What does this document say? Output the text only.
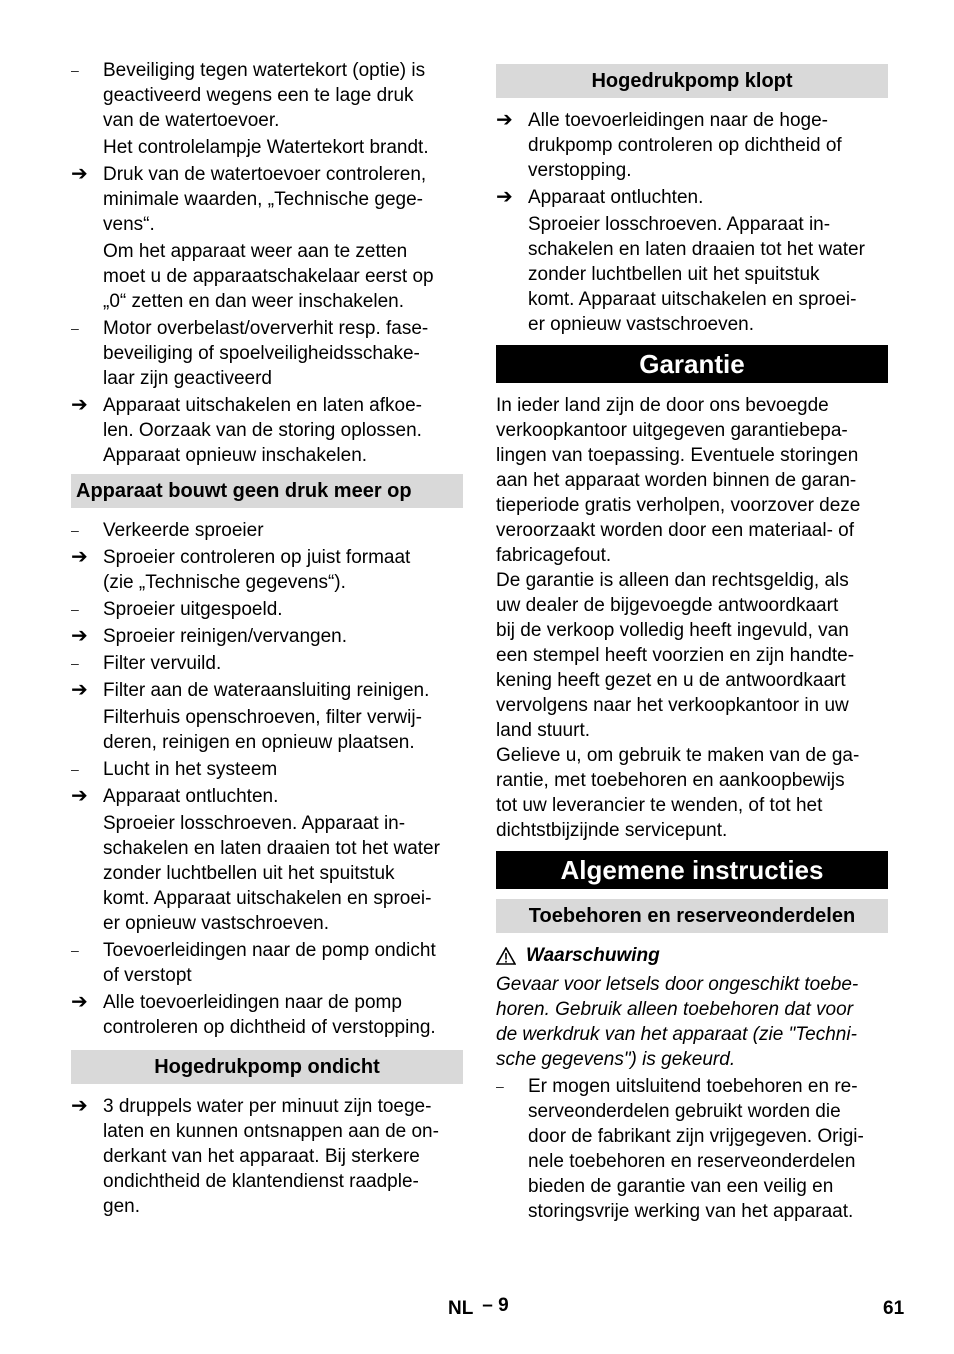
–	Beveiliging tegen watertekort (optie) is
geactiveerd wegens een te lage druk
van de watertoevoer.
Het controlelampje Watertekort brandt.
➔ Druk van de watertoevoer controleren,
minimale waarden, „Technische gege-
vens“.
Om het apparaat weer aan te zetten
moet u de apparaatschakelaar eerst op
„0“ zetten en dan weer inschakelen.
–	Motor overbelast/oververhit resp. fase-
beveiliging of spoelveiligheidsschake-
laar zijn geactiveerd
➔ Apparaat uitschakelen en laten afkoe-
len. Oorzaak van de storing oplossen.
Apparaat opnieuw inschakelen.
Apparaat bouwt geen druk meer op
–	Verkeerde sproeier
➔ Sproeier controleren op juist formaat
(zie „Technische gegevens“).
–	Sproeier uitgespoeld.
➔ Sproeier reinigen/vervangen.
–	Filter vervuild.
➔ Filter aan de wateraansluiting reinigen.
Filterhuis openschroeven, filter verwij-
deren, reinigen en opnieuw plaatsen.
–	Lucht in het systeem
➔ Apparaat ontluchten.
Sproeier losschroeven. Apparaat in-
schakelen en laten draaien tot het water
zonder luchtbellen uit het spuitstuk
komt. Apparaat uitschakelen en sproei-
er opnieuw vastschroeven.
–	Toevoerleidingen naar de pomp ondicht
of verstopt
➔ Alle toevoerleidingen naar de pomp
controleren op dichtheid of verstopping.
Hogedrukpomp ondicht
➔ 3 druppels water per minuut zijn toege-
laten en kunnen ontsnappen aan de on-
derkant van het apparaat. Bij sterkere
ondichtheid de klantendienst raadple-
gen.
Hogedrukpomp klopt
➔ Alle toevoerleidingen naar de hoge-
drukpomp controleren op dichtheid of
verstopping.
➔ Apparaat ontluchten.
Sproeier losschroeven. Apparaat in-
schakelen en laten draaien tot het water
zonder luchtbellen uit het spuitstuk
komt. Apparaat uitschakelen en sproei-
er opnieuw vastschroeven.
Garantie
In ieder land zijn de door ons bevoegde
verkoopkantoor uitgegeven garantiebepa-
lingen van toepassing. Eventuele storingen
aan het apparaat worden binnen de garan-
tieperiode gratis verholpen, voorzover deze
veroorzaakt worden door een materiaal- of
fabricagefout.
De garantie is alleen dan rechtsgeldig, als
uw dealer de bijgevoegde antwoordkaart
bij de verkoop volledig heeft ingevuld, van
een stempel heeft voorzien en zijn handte-
kening heeft gezet en u de antwoordkaart
vervolgens naar het verkoopkantoor in uw
land stuurt.
Gelieve u, om gebruik te maken van de ga-
rantie, met toebehoren en aankoopbewijs
tot uw leverancier te wenden, of tot het
dichtstbijzijnde servicepunt.
Algemene instructies
Toebehoren en reserveonderdelen
Waarschuwing
Gevaar voor letsels door ongeschikt toebe-
horen. Gebruik alleen toebehoren dat voor
de werkdruk van het apparaat (zie "Techni-
sche gegevens") is gekeurd.
–	Er mogen uitsluitend toebehoren en re-
serveonderdelen gebruikt worden die
door de fabrikant zijn vrijgegeven. Origi-
nele toebehoren en reserveonderdelen
bieden de garantie van een veilig en
storingsvrije werking van het apparaat.
NL – 9	61
